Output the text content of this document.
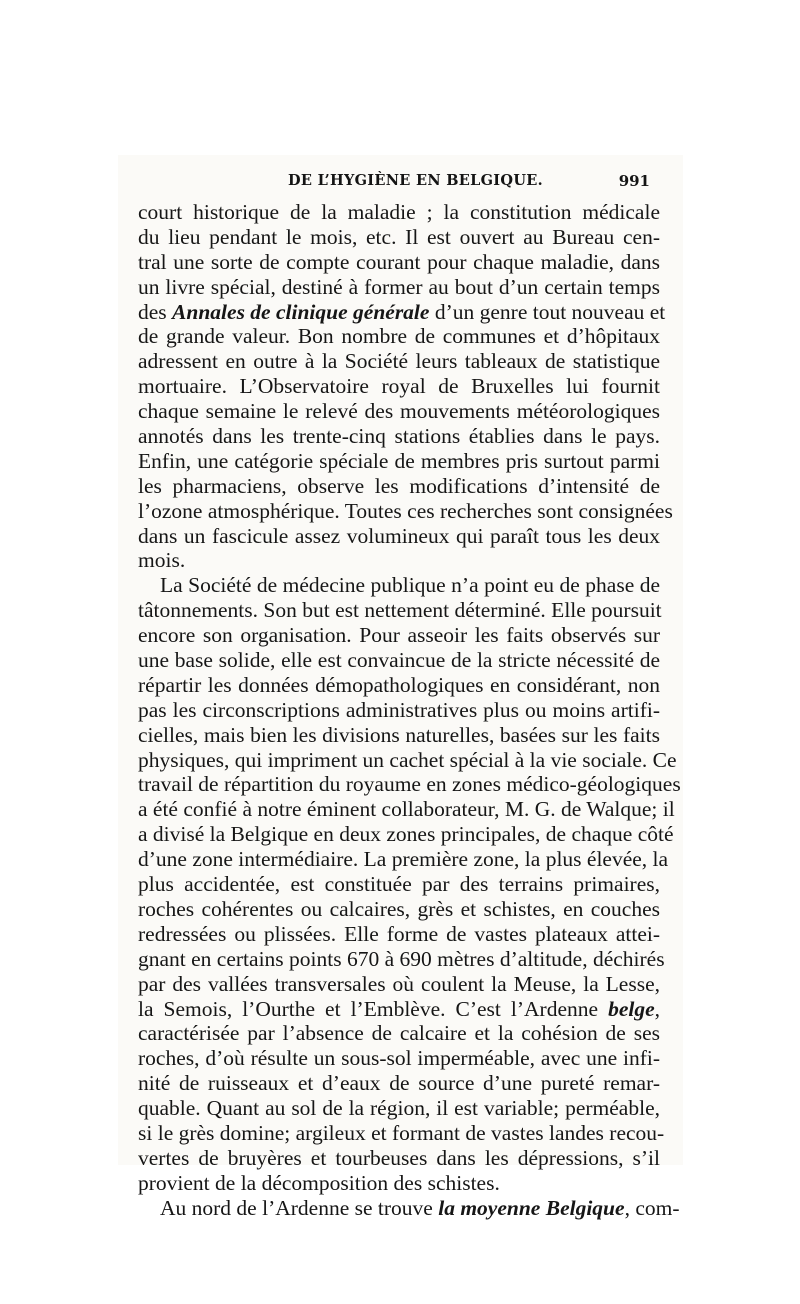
DE L’HYGIÈNE EN BELGIQUE.	991
court historique de la maladie ; la constitution médicale
du lieu pendant le mois, etc. Il est ouvert au Bureau cen-
tral une sorte de compte courant pour chaque maladie, dans
un livre spécial, destiné à former au bout d’un certain temps
des Annales de clinique générale d’un genre tout nouveau et
de grande valeur. Bon nombre de communes et d’hôpitaux
adressent en outre à la Société leurs tableaux de statistique
mortuaire. L’Observatoire royal de Bruxelles lui fournit
chaque semaine le relevé des mouvements météorologiques
annotés dans les trente-cinq stations établies dans le pays.
Enfin, une catégorie spéciale de membres pris surtout parmi
les pharmaciens, observe les modifications d’intensité de
l’ozone atmosphérique. Toutes ces recherches sont consignées
dans un fascicule assez volumineux qui paraît tous les deux
mois.
La Société de médecine publique n’a point eu de phase de
tâtonnements. Son but est nettement déterminé. Elle poursuit
encore son organisation. Pour asseoir les faits observés sur
une base solide, elle est convaincue de la stricte nécessité de
répartir les données démopathologiques en considérant, non
pas les circonscriptions administratives plus ou moins artifi-
cielles, mais bien les divisions naturelles, basées sur les faits
physiques, qui impriment un cachet spécial à la vie sociale. Ce
travail de répartition du royaume en zones médico-géologiques
a été confié à notre éminent collaborateur, M. G. de Walque; il
a divisé la Belgique en deux zones principales, de chaque côté
d’une zone intermédiaire. La première zone, la plus élevée, la
plus accidentée, est constituée par des terrains primaires,
roches cohérentes ou calcaires, grès et schistes, en couches
redressées ou plissées. Elle forme de vastes plateaux attei-
gnant en certains points 670 à 690 mètres d’altitude, déchirés
par des vallées transversales où coulent la Meuse, la Lesse,
la Semois, l’Ourthe et l’Emblève. C’est l’Ardenne belge,
caractérisée par l’absence de calcaire et la cohésion de ses
roches, d’où résulte un sous-sol imperméable, avec une infi-
nité de ruisseaux et d’eaux de source d’une pureté remar-
quable. Quant au sol de la région, il est variable; perméable,
si le grès domine; argileux et formant de vastes landes recou-
vertes de bruyères et tourbeuses dans les dépressions, s’il
provient de la décomposition des schistes.
Au nord de l’Ardenne se trouve la moyenne Belgique, com-
